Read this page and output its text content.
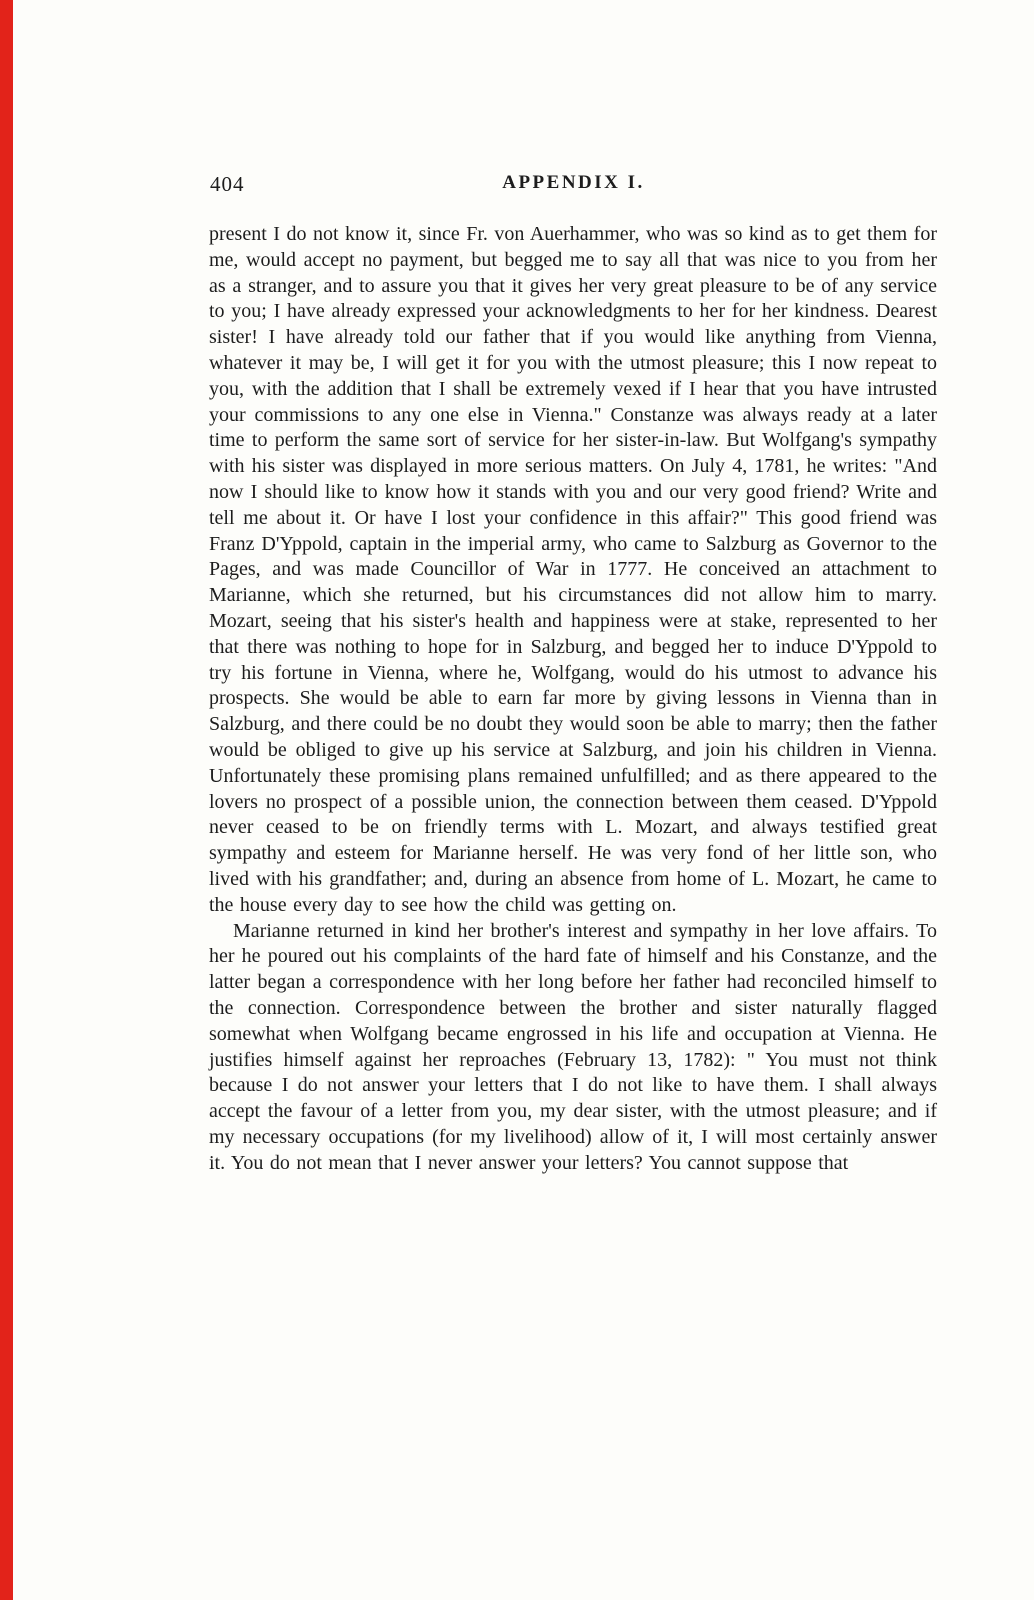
404	APPENDIX I.

present I do not know it, since Fr. von Auerhammer, who was so kind as to get them for me, would accept no payment, but begged me to say all that was nice to you from her as a stranger, and to assure you that it gives her very great pleasure to be of any service to you; I have already expressed your acknowledgments to her for her kindness. Dearest sister! I have already told our father that if you would like anything from Vienna, whatever it may be, I will get it for you with the utmost pleasure; this I now repeat to you, with the addition that I shall be extremely vexed if I hear that you have intrusted your commissions to any one else in Vienna." Constanze was always ready at a later time to perform the same sort of service for her sister-in-law. But Wolfgang's sympathy with his sister was displayed in more serious matters. On July 4, 1781, he writes: "And now I should like to know how it stands with you and our very good friend? Write and tell me about it. Or have I lost your confidence in this affair?" This good friend was Franz D'Yppold, captain in the imperial army, who came to Salzburg as Governor to the Pages, and was made Councillor of War in 1777. He conceived an attachment to Marianne, which she returned, but his circumstances did not allow him to marry. Mozart, seeing that his sister's health and happiness were at stake, represented to her that there was nothing to hope for in Salzburg, and begged her to induce D'Yppold to try his fortune in Vienna, where he, Wolfgang, would do his utmost to advance his prospects. She would be able to earn far more by giving lessons in Vienna than in Salzburg, and there could be no doubt they would soon be able to marry; then the father would be obliged to give up his service at Salzburg, and join his children in Vienna. Unfortunately these promising plans remained unfulfilled; and as there appeared to the lovers no prospect of a possible union, the connection between them ceased. D'Yppold never ceased to be on friendly terms with L. Mozart, and always testified great sympathy and esteem for Marianne herself. He was very fond of her little son, who lived with his grandfather; and, during an absence from home of L. Mozart, he came to the house every day to see how the child was getting on.

Marianne returned in kind her brother's interest and sympathy in her love affairs. To her he poured out his complaints of the hard fate of himself and his Constanze, and the latter began a correspondence with her long before her father had reconciled himself to the connection. Correspondence between the brother and sister naturally flagged somewhat when Wolfgang became engrossed in his life and occupation at Vienna. He justifies himself against her reproaches (February 13, 1782): " You must not think because I do not answer your letters that I do not like to have them. I shall always accept the favour of a letter from you, my dear sister, with the utmost pleasure; and if my necessary occupations (for my livelihood) allow of it, I will most certainly answer it. You do not mean that I never answer your letters? You cannot suppose that
